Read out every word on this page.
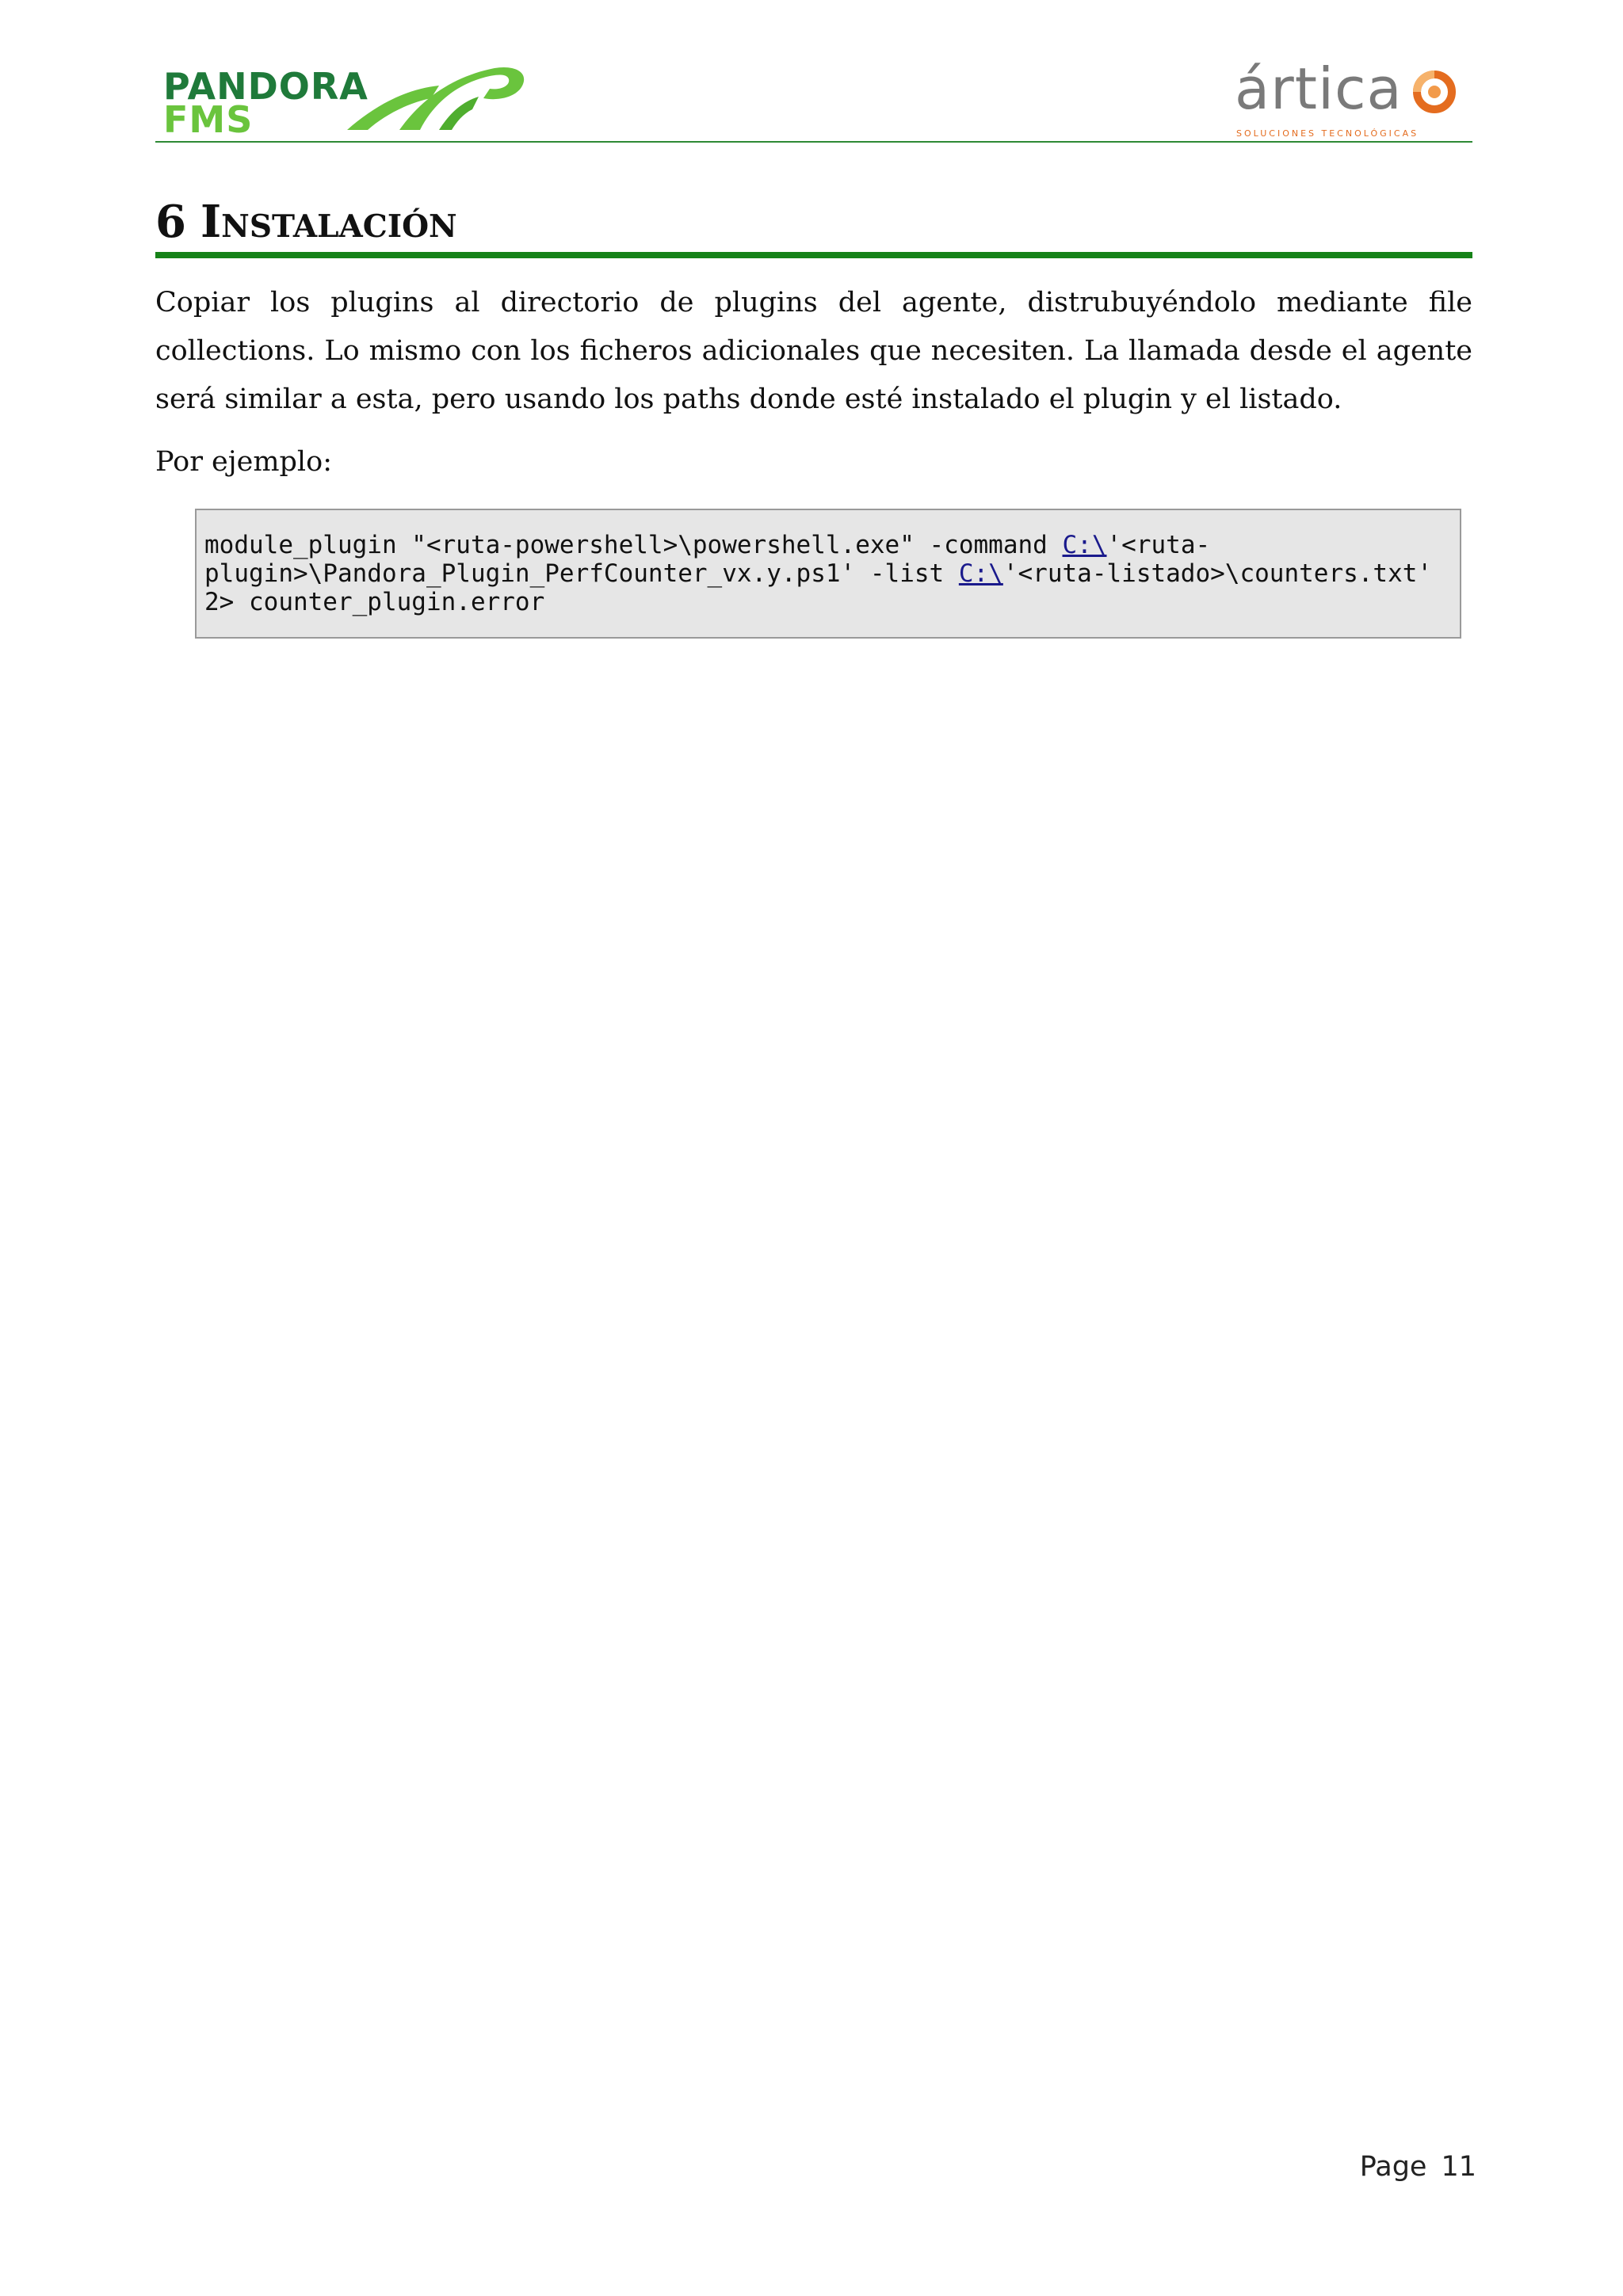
PANDORA
FMS	ártica
SOLUCIONES TECNOLÓGICAS
6 Instalación

Copiar los plugins al directorio de plugins del agente, distrubuyéndolo mediante file collections. Lo mismo con los ficheros adicionales que necesiten. La llamada desde el agente será similar a esta, pero usando los paths donde esté instalado el plugin y el listado.

Por ejemplo:

module_plugin "<ruta-powershell>\powershell.exe" -command C:\'<ruta-
plugin>\Pandora_Plugin_PerfCounter_vx.y.ps1' -list C:\'<ruta-listado>\counters.txt'
2> counter_plugin.error
Page 11
